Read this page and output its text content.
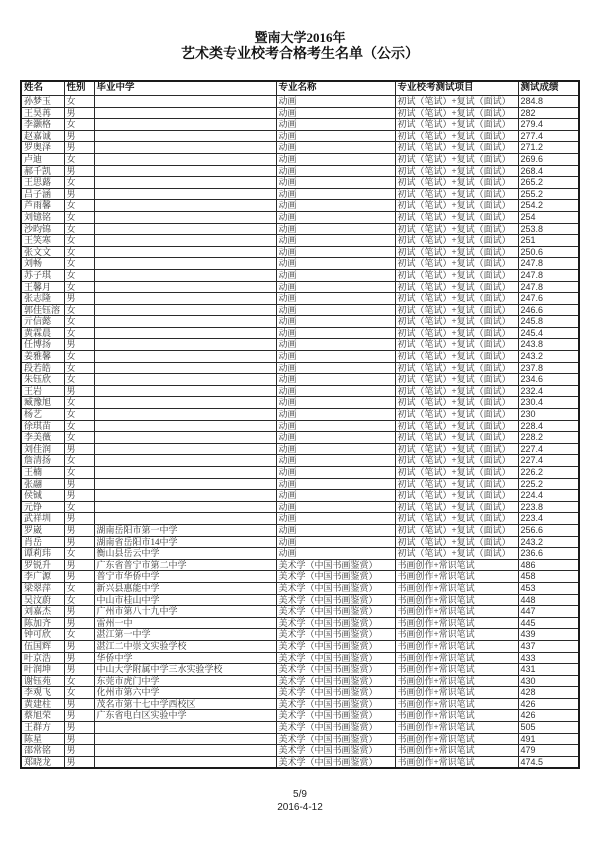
暨南大学2016年
艺术类专业校考合格考生名单（公示）
姓名	性别	毕业中学	专业名称	专业校考测试项目	测试成绩
孙梦玉	女		动画	初试（笔试）+复试（面试）	284.8
王昊苒	男		动画	初试（笔试）+复试（面试）	282
李灏格	女		动画	初试（笔试）+复试（面试）	279.4
赵嘉诚	男		动画	初试（笔试）+复试（面试）	277.4
罗奥泽	男		动画	初试（笔试）+复试（面试）	271.2
卢迪	女		动画	初试（笔试）+复试（面试）	269.6
郝千凯	男		动画	初试（笔试）+复试（面试）	268.4
王思蕗	女		动画	初试（笔试）+复试（面试）	265.2
吕子涵	男		动画	初试（笔试）+复试（面试）	255.2
芦雨馨	女		动画	初试（笔试）+复试（面试）	254.2
刘镱铭	女		动画	初试（笔试）+复试（面试）	254
沙昀锦	女		动画	初试（笔试）+复试（面试）	253.8
王笑寒	女		动画	初试（笔试）+复试（面试）	251
张文文	女		动画	初试（笔试）+复试（面试）	250.6
刘畅	女		动画	初试（笔试）+复试（面试）	247.8
苏子琪	女		动画	初试（笔试）+复试（面试）	247.8
王馨月	女		动画	初试（笔试）+复试（面试）	247.8
张志隆	男		动画	初试（笔试）+复试（面试）	247.6
郭佳钰溶	女		动画	初试（笔试）+复试（面试）	246.6
亓信懿	女		动画	初试（笔试）+复试（面试）	245.8
黄霖晨	女		动画	初试（笔试）+复试（面试）	245.4
任博扬	男		动画	初试（笔试）+复试（面试）	243.8
姜雅馨	女		动画	初试（笔试）+复试（面试）	243.2
段若皓	女		动画	初试（笔试）+复试（面试）	237.8
朱钰欣	女		动画	初试（笔试）+复试（面试）	234.6
王岩	男		动画	初试（笔试）+复试（面试）	232.4
臧豫旭	女		动画	初试（笔试）+复试（面试）	230.4
杨艺	女		动画	初试（笔试）+复试（面试）	230
徐琪苗	女		动画	初试（笔试）+复试（面试）	228.4
李美薇	女		动画	初试（笔试）+复试（面试）	228.2
刘佳润	男		动画	初试（笔试）+复试（面试）	227.4
詹清扬	女		动画	初试（笔试）+复试（面试）	227.4
王楠	女		动画	初试（笔试）+复试（面试）	226.2
张翮	男		动画	初试（笔试）+复试（面试）	225.2
侯铖	男		动画	初试（笔试）+复试（面试）	224.4
元铮	女		动画	初试（笔试）+复试（面试）	223.8
武祥圳	男		动画	初试（笔试）+复试（面试）	223.4
罗崴	男	湖南岳阳市第一中学	动画	初试（笔试）+复试（面试）	256.6
肖岳	男	湖南省岳阳市14中学	动画	初试（笔试）+复试（面试）	243.2
谭莉玮	女	衡山县岳云中学	动画	初试（笔试）+复试（面试）	236.6
罗锐升	男	广东省普宁市第二中学	美术学（中国书画鉴赏）	书画创作+常识笔试	486
李广源	男	普宁市华侨中学	美术学（中国书画鉴赏）	书画创作+常识笔试	458
梁翠萍	女	新兴县惠能中学	美术学（中国书画鉴赏）	书画创作+常识笔试	453
吴汶蔚	女	中山市桂山中学	美术学（中国书画鉴赏）	书画创作+常识笔试	448
刘嘉杰	男	广州市第八十九中学	美术学（中国书画鉴赏）	书画创作+常识笔试	447
陈加齐	男	雷州一中	美术学（中国书画鉴赏）	书画创作+常识笔试	445
钟可欣	女	湛江第一中学	美术学（中国书画鉴赏）	书画创作+常识笔试	439
伍国辉	男	湛江二中崇文实验学校	美术学（中国书画鉴赏）	书画创作+常识笔试	437
叶京浩	男	华侨中学	美术学（中国书画鉴赏）	书画创作+常识笔试	433
叶润坤	男	中山大学附属中学三水实验学校	美术学（中国书画鉴赏）	书画创作+常识笔试	431
谢钰苑	女	东莞市虎门中学	美术学（中国书画鉴赏）	书画创作+常识笔试	430
李观飞	女	化州市第六中学	美术学（中国书画鉴赏）	书画创作+常识笔试	428
黄建柱	男	茂名市第十七中学西校区	美术学（中国书画鉴赏）	书画创作+常识笔试	426
蔡旭荣	男	广东省电白区实验中学	美术学（中国书画鉴赏）	书画创作+常识笔试	426
王群方	男		美术学（中国书画鉴赏）	书画创作+常识笔试	505
陈星	男		美术学（中国书画鉴赏）	书画创作+常识笔试	491
邵常铭	男		美术学（中国书画鉴赏）	书画创作+常识笔试	479
郑晓龙	男		美术学（中国书画鉴赏）	书画创作+常识笔试	474.5
5/9
2016-4-12
